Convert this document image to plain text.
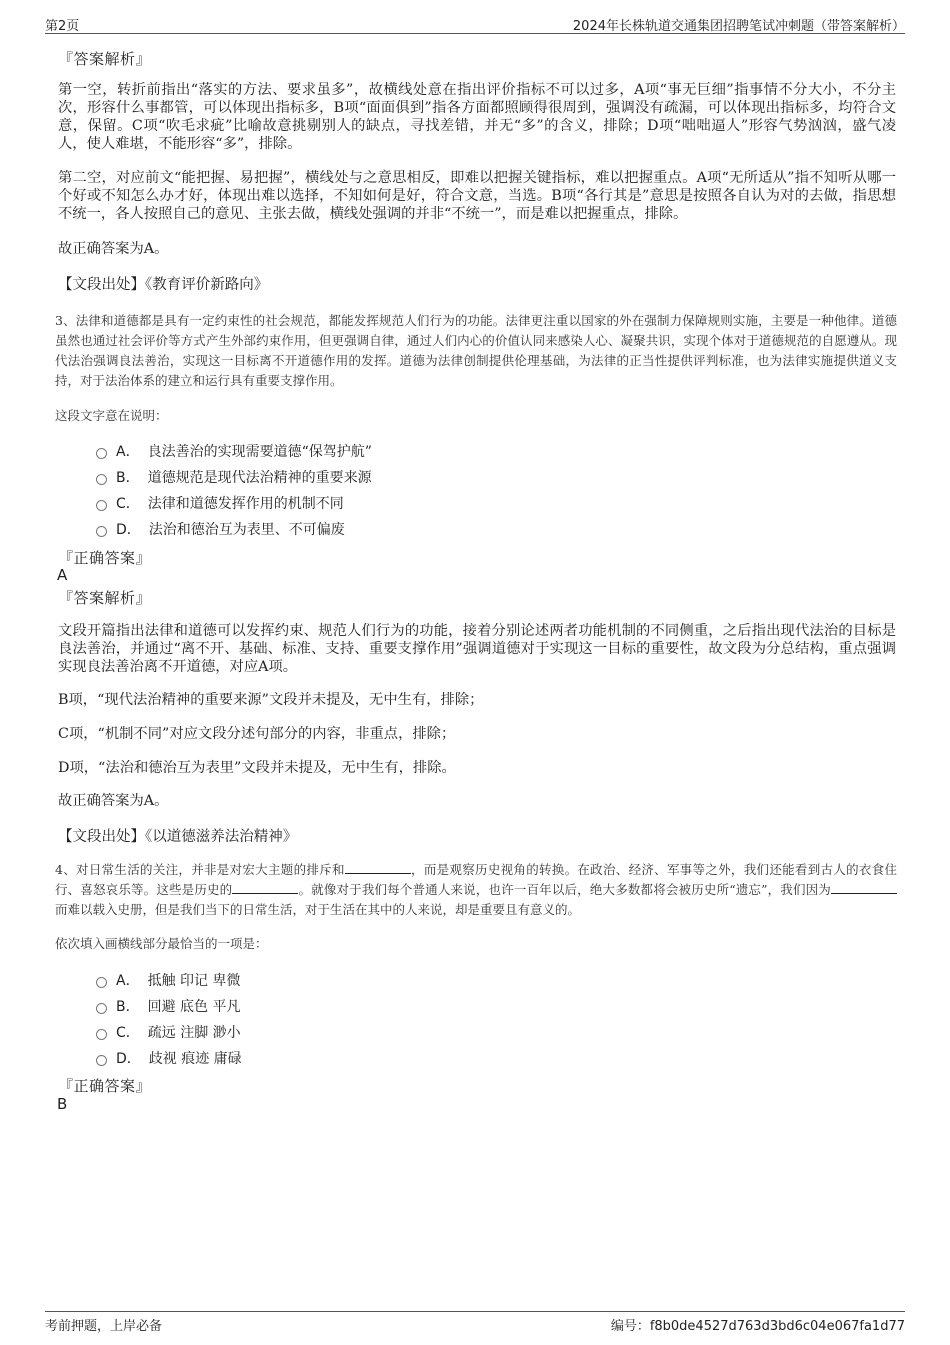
第2页	2024年长株轨道交通集团招聘笔试冲刺题（带答案解析）
『答案解析』
第一空，转折前指出“落实的方法、要求虽多”，故横线处意在指出评价指标不可以过多，A项“事无巨细”指事情不分大小，不分主次，形容什么事都管，可以体现出指标多，B项“面面俱到”指各方面都照顾得很周到，强调没有疏漏，可以体现出指标多，均符合文意，保留。C项“吹毛求疵”比喻故意挑剔别人的缺点，寻找差错，并无“多”的含义，排除；D项“咄咄逼人”形容气势汹汹，盛气凌人，使人难堪，不能形容“多”，排除。
第二空，对应前文“能把握、易把握”，横线处与之意思相反，即难以把握关键指标，难以把握重点。A项“无所适从”指不知听从哪一个好或不知怎么办才好，体现出难以选择，不知如何是好，符合文意，当选。B项“各行其是”意思是按照各自认为对的去做，指思想不统一，各人按照自己的意见、主张去做，横线处强调的并非“不统一”，而是难以把握重点，排除。
故正确答案为A。
【文段出处】《教育评价新路向》
3、法律和道德都是具有一定约束性的社会规范，都能发挥规范人们行为的功能。法律更注重以国家的外在强制力保障规则实施，主要是一种他律。道德虽然也通过社会评价等方式产生外部约束作用，但更强调自律，通过人们内心的价值认同来感染人心、凝聚共识，实现个体对于道德规范的自愿遵从。现代法治强调良法善治，实现这一目标离不开道德作用的发挥。道德为法律创制提供伦理基础，为法律的正当性提供评判标准，也为法律实施提供道义支持，对于法治体系的建立和运行具有重要支撑作用。
这段文字意在说明：
A． 良法善治的实现需要道德“保驾护航”
B． 道德规范是现代法治精神的重要来源
C． 法律和道德发挥作用的机制不同
D． 法治和德治互为表里、不可偏废
『正确答案』
A
『答案解析』
文段开篇指出法律和道德可以发挥约束、规范人们行为的功能，接着分别论述两者功能机制的不同侧重，之后指出现代法治的目标是良法善治，并通过“离不开、基础、标准、支持、重要支撑作用”强调道德对于实现这一目标的重要性，故文段为分总结构，重点强调实现良法善治离不开道德，对应A项。
B项，“现代法治精神的重要来源”文段并未提及，无中生有，排除；
C项，“机制不同”对应文段分述句部分的内容，非重点，排除；
D项，“法治和德治互为表里”文段并未提及，无中生有，排除。
故正确答案为A。
【文段出处】《以道德滋养法治精神》
4、对日常生活的关注，并非是对宏大主题的排斥和	，而是观察历史视角的转换。在政治、经济、军事等之外，我们还能看到古人的衣食住行、喜怒哀乐等。这些是历史的	。就像对于我们每个普通人来说，也许一百年以后，绝大多数都将会被历史所“遗忘”，我们因为而难以载入史册，但是我们当下的日常生活，对于生活在其中的人来说，却是重要且有意义的。
依次填入画横线部分最恰当的一项是：
A． 抵触 印记 卑微
B． 回避 底色 平凡
C． 疏远 注脚 渺小
D． 歧视 痕迹 庸碌
『正确答案』
B
考前押题，上岸必备	编号：f8b0de4527d763d3bd6c04e067fa1d77
